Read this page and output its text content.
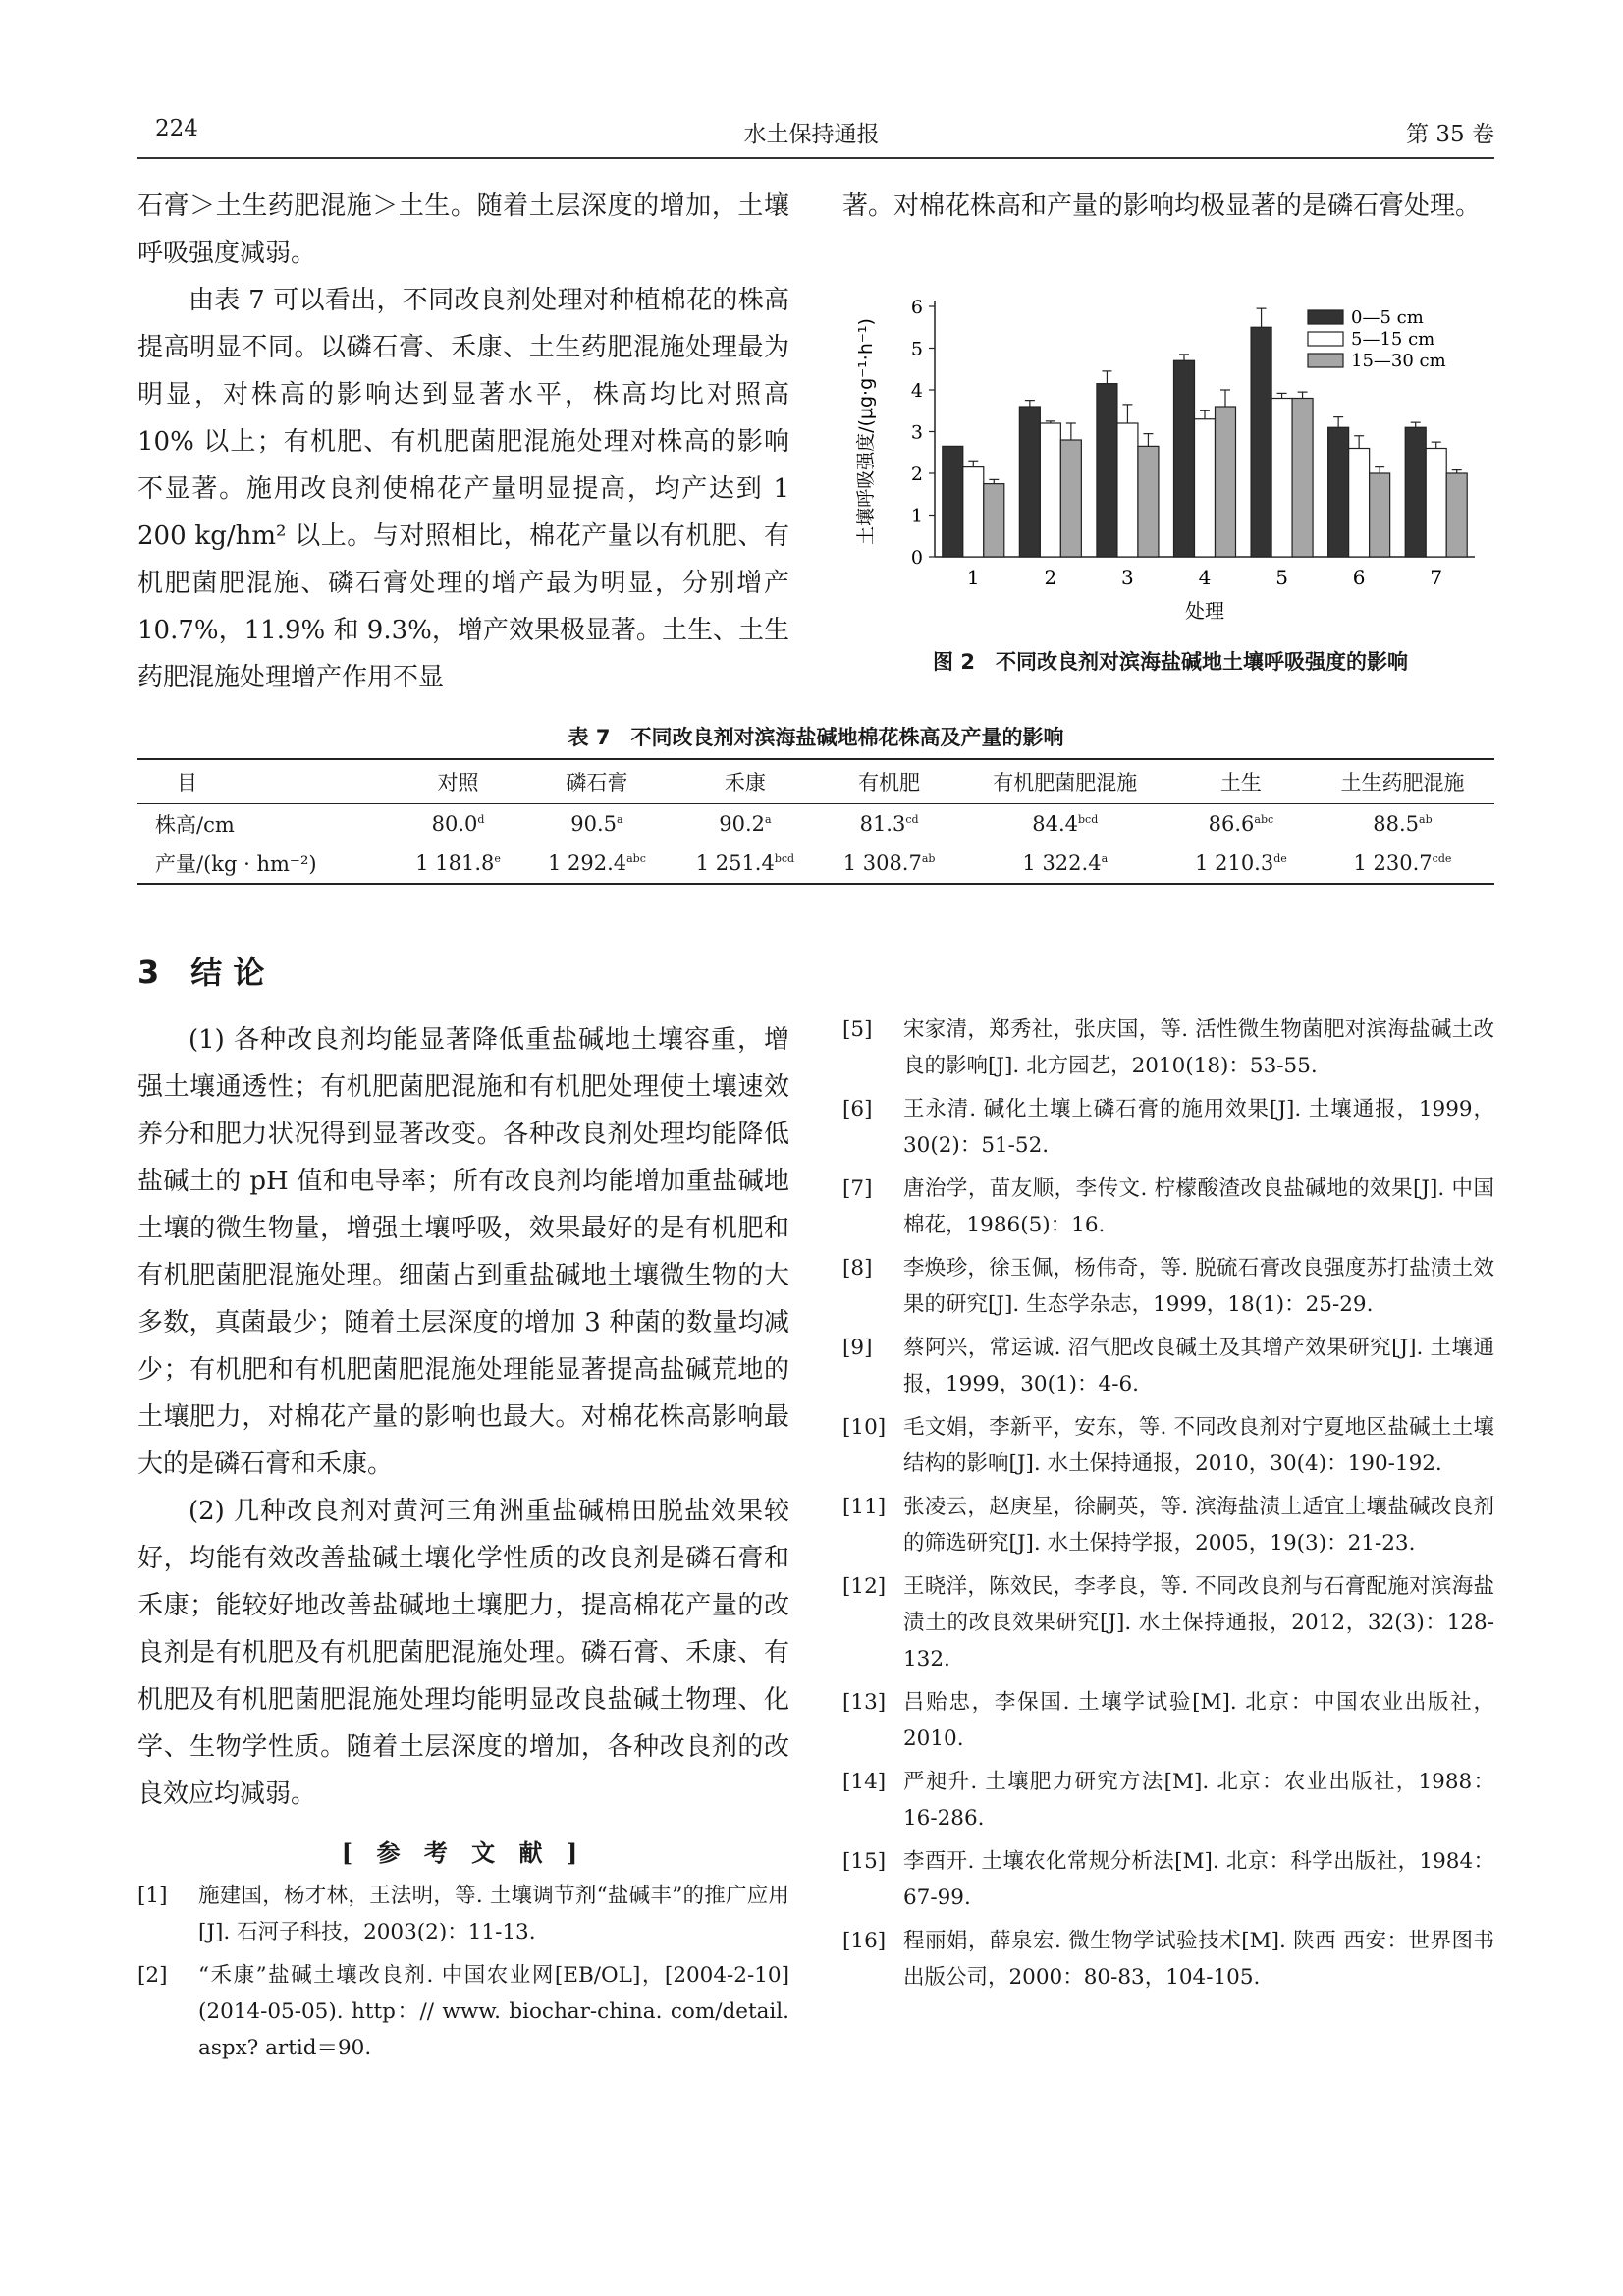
224	水土保持通报	第 35 卷

石膏＞土生药肥混施＞土生。随着土层深度的增加，土壤呼吸强度减弱。

由表 7 可以看出，不同改良剂处理对种植棉花的株高提高明显不同。以磷石膏、禾康、土生药肥混施处理最为明显，对株高的影响达到显著水平，株高均比对照高 10% 以上；有机肥、有机肥菌肥混施处理对株高的影响不显著。施用改良剂使棉花产量明显提高，均产达到 1 200 kg/hm² 以上。与对照相比，棉花产量以有机肥、有机肥菌肥混施、磷石膏处理的增产最为明显，分别增产 10.7%，11.9% 和 9.3%，增产效果极显著。土生、土生药肥混施处理增产作用不显

著。对棉花株高和产量的影响均极显著的是磷石膏处理。

0
1
2
3
4
5
6
土壤呼吸强度/(μg·g⁻¹·h⁻¹)
1	2	3	4	5	6	7
处理
0—5 cm
5—15 cm
15—30 cm
图 2　不同改良剂对滨海盐碱地土壤呼吸强度的影响
表 7　不同改良剂对滨海盐碱地棉花株高及产量的影响
目	对照	磷石膏	禾康	有机肥	有机肥菌肥混施	土生	土生药肥混施
株高/cm	80.0$^d$	90.5$^a$	90.2$^a$	81.3$^{cd}$	84.4$^{bcd}$	86.6$^{abc}$	88.5$^{ab}$
产量/(kg · hm⁻²)	1 181.8e	1 292.4$^{abc}$	1 251.4$^{bcd}$	1 308.7$^{ab}$	1 322.4$^a$	1 210.3de	1 230.7$^{cde}$
3　结 论

(1) 各种改良剂均能显著降低重盐碱地土壤容重，增强土壤通透性；有机肥菌肥混施和有机肥处理使土壤速效养分和肥力状况得到显著改变。各种改良剂处理均能降低盐碱土的 pH 值和电导率；所有改良剂均能增加重盐碱地土壤的微生物量，增强土壤呼吸，效果最好的是有机肥和有机肥菌肥混施处理。细菌占到重盐碱地土壤微生物的大多数，真菌最少；随着土层深度的增加 3 种菌的数量均减少；有机肥和有机肥菌肥混施处理能显著提高盐碱荒地的土壤肥力，对棉花产量的影响也最大。对棉花株高影响最大的是磷石膏和禾康。

(2) 几种改良剂对黄河三角洲重盐碱棉田脱盐效果较好，均能有效改善盐碱土壤化学性质的改良剂是磷石膏和禾康；能较好地改善盐碱地土壤肥力，提高棉花产量的改良剂是有机肥及有机肥菌肥混施处理。磷石膏、禾康、有机肥及有机肥菌肥混施处理均能明显改良盐碱土物理、化学、生物学性质。随着土层深度的增加，各种改良剂的改良效应均减弱。

[ 参 考 文 献 ]
[1]	施建国，杨才林，王法明，等. 土壤调节剂“盐碱丰”的推广应用[J]. 石河子科技，2003(2)：11-13.
[2]	“禾康”盐碱土壤改良剂. 中国农业网[EB/OL]，[2004-2-10](2014-05-05). http：// www. biochar-china. com/detail. aspx? artid＝90.
[5]	宋家清，郑秀社，张庆国，等. 活性微生物菌肥对滨海盐碱土改良的影响[J]. 北方园艺，2010(18)：53-55.
[6]	王永清. 碱化土壤上磷石膏的施用效果[J]. 土壤通报，1999，30(2)：51-52.
[7]	唐治学，苗友顺，李传文. 柠檬酸渣改良盐碱地的效果[J]. 中国棉花，1986(5)：16.
[8]	李焕珍，徐玉佩，杨伟奇，等. 脱硫石膏改良强度苏打盐渍土效果的研究[J]. 生态学杂志，1999，18(1)：25-29.
[9]	蔡阿兴，常运诚. 沼气肥改良碱土及其增产效果研究[J]. 土壤通报，1999，30(1)：4-6.
[10] 毛文娟，李新平，安东，等. 不同改良剂对宁夏地区盐碱土土壤结构的影响[J]. 水土保持通报，2010，30(4)：190-192.
[11] 张凌云，赵庚星，徐嗣英，等. 滨海盐渍土适宜土壤盐碱改良剂的筛选研究[J]. 水土保持学报，2005，19(3)：21-23.
[12] 王晓洋，陈效民，李孝良，等. 不同改良剂与石膏配施对滨海盐渍土的改良效果研究[J]. 水土保持通报，2012，32(3)：128-132.
[13] 吕贻忠，李保国. 土壤学试验[M]. 北京：中国农业出版社，2010.
[14] 严昶升. 土壤肥力研究方法[M]. 北京：农业出版社，1988：16-286.
[15] 李酉开. 土壤农化常规分析法[M]. 北京：科学出版社，1984：67-99.
[16] 程丽娟，薛泉宏. 微生物学试验技术[M]. 陕西 西安：世界图书出版公司，2000：80-83，104-105.
